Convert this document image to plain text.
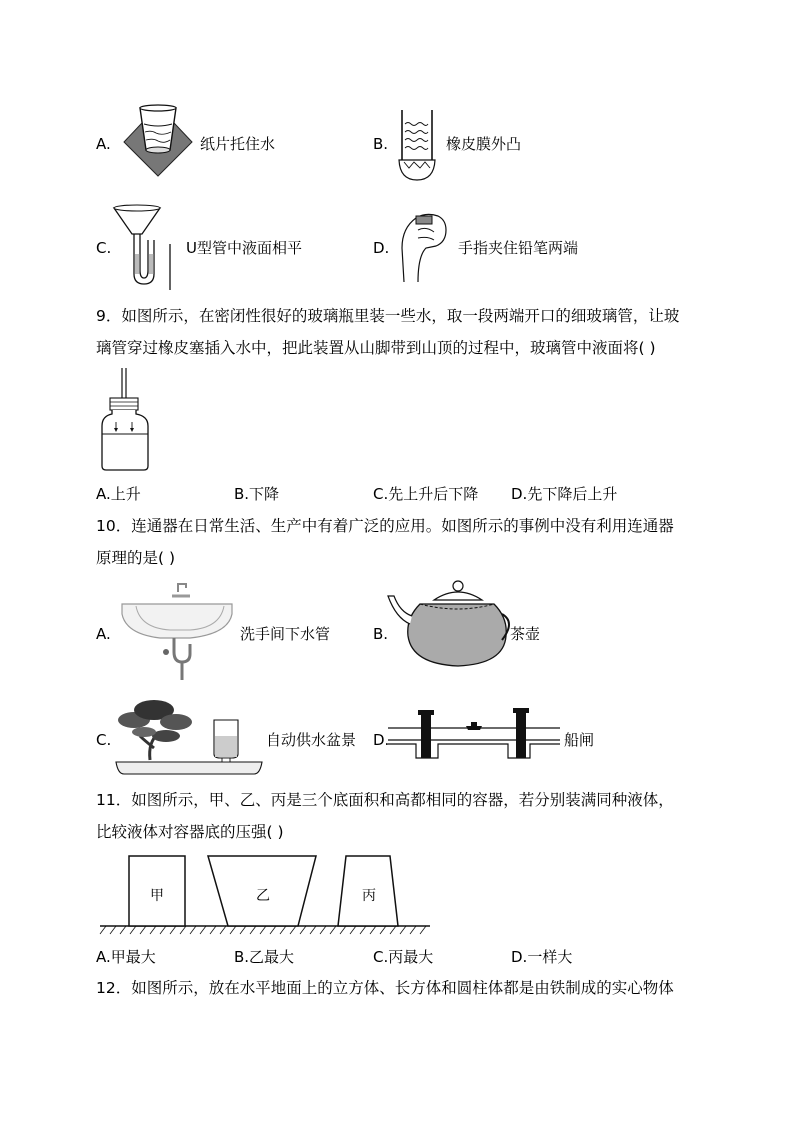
A.	纸片托住水	B.	橡皮膜外凸
C.	U型管中液面相平	D.	手指夹住铅笔两端
9．如图所示，在密闭性很好的玻璃瓶里装一些水，取一段两端开口的细玻璃管，让玻
璃管穿过橡皮塞插入水中，把此装置从山脚带到山顶的过程中，玻璃管中液面将( )
A.上升	B.下降	C.先上升后下降 D.先下降后上升
10．连通器在日常生活、生产中有着广泛的应用。如图所示的事例中没有利用连通器
原理的是( )
A.	洗手间下水管	B.	茶壶
C.	自动供水盆景 D.	船闸
11．如图所示，甲、乙、丙是三个底面积和高都相同的容器，若分别装满同种液体，
比较液体对容器底的压强( )
甲	乙	丙
A.甲最大	B.乙最大	C.丙最大	D.一样大
12．如图所示，放在水平地面上的立方体、长方体和圆柱体都是由铁制成的实心物体
